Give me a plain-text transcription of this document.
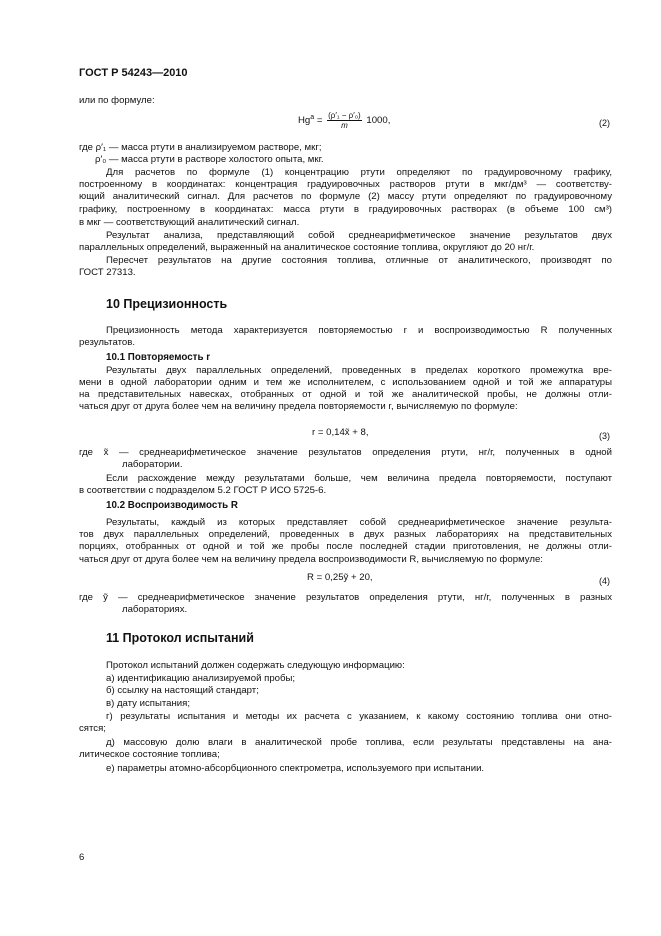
ГОСТ Р 54243—2010
или по формуле:
$Hg^a = \frac{\text{(ρ′₁ − ρ′₀)}}{m} 1000$,	(2)
где ρ′₁ — масса ртути в анализируемом растворе, мкг;
ρ′₀ — масса ртути в растворе холостого опыта, мкг.
Для расчетов по формуле (1) концентрацию ртути определяют по градуировочному графику,
построенному в координатах: концентрация градуировочных растворов ртути в мкг/дм³ — соответству-
ющий аналитический сигнал. Для расчетов по формуле (2) массу ртути определяют по градуировочному
графику, построенному в координатах: масса ртути в градуировочных растворах (в объеме 100 см³)
в мкг — соответствующий аналитический сигнал.
Результат анализа, представляющий собой среднеарифметическое значение результатов двух
параллельных определений, выраженный на аналитическое состояние топлива, округляют до 20 нг/г.
Пересчет результатов на другие состояния топлива, отличные от аналитического, производят по
ГОСТ 27313.
10 Прецизионность
Прецизионность метода характеризуется повторяемостью r и воспроизводимостью R полученных
результатов.
10.1 Повторяемость r
Результаты двух параллельных определений, проведенных в пределах короткого промежутка вре-
мени в одной лаборатории одним и тем же исполнителем, с использованием одной и той же аппаратуры
на представительных навесках, отобранных от одной и той же аналитической пробы, не должны отли-
чаться друг от друга более чем на величину предела повторяемости r, вычисляемую по формуле:
r = 0,14x̃ + 8,	(3)
где x̃ — среднеарифметическое значение результатов определения ртути, нг/г, полученных в одной
лаборатории.
Если расхождение между результатами больше, чем величина предела повторяемости, поступают
в соответствии с подразделом 5.2 ГОСТ Р ИСО 5725-6.
10.2 Воспроизводимость R
Результаты, каждый из которых представляет собой среднеарифметическое значение результа-
тов двух параллельных определений, проведенных в двух разных лабораториях на представительных
порциях, отобранных от одной и той же пробы после последней стадии приготовления, не должны отли-
чаться друг от друга более чем на величину предела воспроизводимости R, вычисляемую по формуле:
R = 0,25ỹ + 20,	(4)
где ỹ — среднеарифметическое значение результатов определения ртути, нг/г, полученных в разных
лабораториях.
11 Протокол испытаний
Протокол испытаний должен содержать следующую информацию:
а) идентификацию анализируемой пробы;
б) ссылку на настоящий стандарт;
в) дату испытания;
г) результаты испытания и методы их расчета с указанием, к какому состоянию топлива они отно-
сятся;
д) массовую долю влаги в аналитической пробе топлива, если результаты представлены на ана-
литическое состояние топлива;
е) параметры атомно-абсорбционного спектрометра, используемого при испытании.
6
